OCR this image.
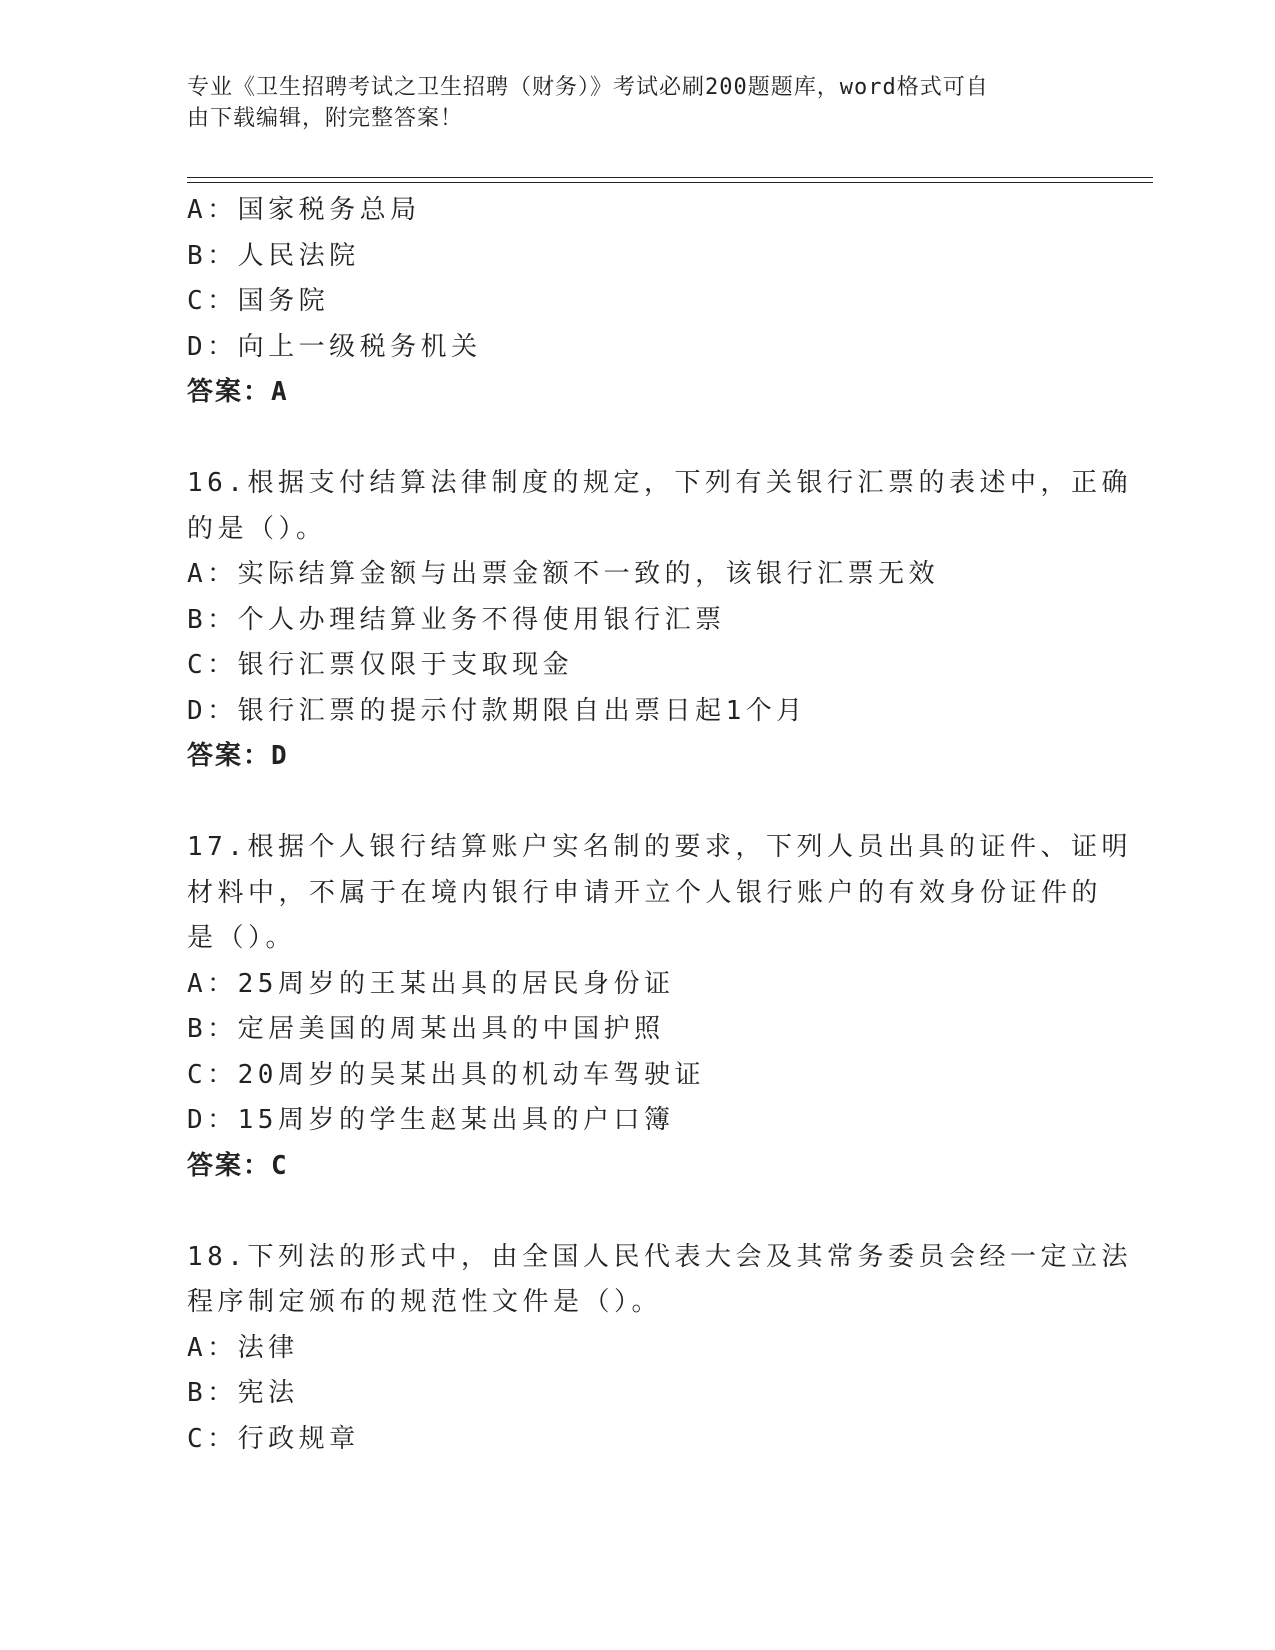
专业《卫生招聘考试之卫生招聘（财务）》考试必刷200题题库，word格式可自
由下载编辑，附完整答案！
A：国家税务总局
B：人民法院
C：国务院
D：向上一级税务机关
答案：A
16.根据支付结算法律制度的规定，下列有关银行汇票的表述中，正确
的是（）。
A：实际结算金额与出票金额不一致的，该银行汇票无效
B：个人办理结算业务不得使用银行汇票
C：银行汇票仅限于支取现金
D：银行汇票的提示付款期限自出票日起1个月
答案：D
17.根据个人银行结算账户实名制的要求，下列人员出具的证件、证明
材料中，不属于在境内银行申请开立个人银行账户的有效身份证件的
是（）。
A：25周岁的王某出具的居民身份证
B：定居美国的周某出具的中国护照
C：20周岁的吴某出具的机动车驾驶证
D：15周岁的学生赵某出具的户口簿
答案：C
18.下列法的形式中，由全国人民代表大会及其常务委员会经一定立法
程序制定颁布的规范性文件是（）。
A：法律
B：宪法
C：行政规章
